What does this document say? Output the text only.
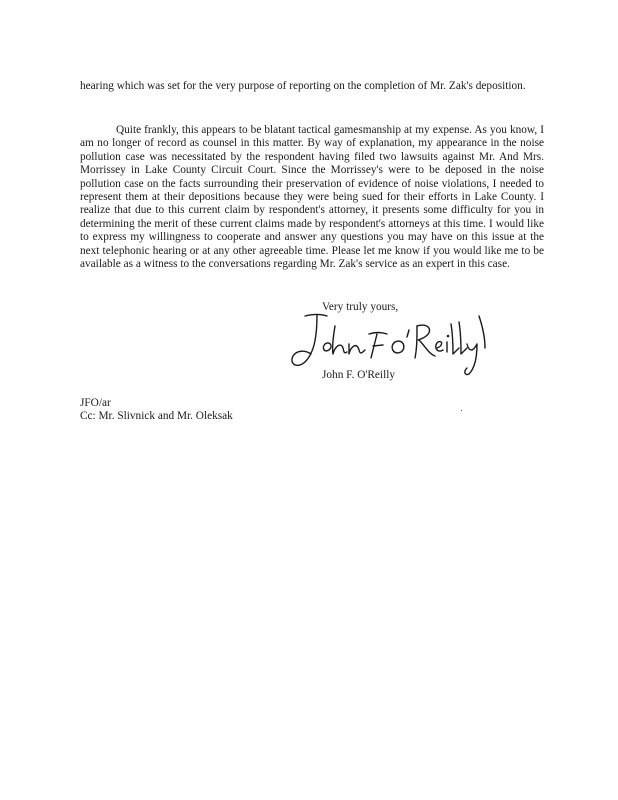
hearing which was set for the very purpose of reporting on the completion of Mr. Zak's deposition.

Quite frankly, this appears to be blatant tactical gamesmanship at my expense. As you know, I am no longer of record as counsel in this matter. By way of explanation, my appearance in the noise pollution case was necessitated by the respondent having filed two lawsuits against Mr. And Mrs. Morrissey in Lake County Circuit Court. Since the Morrissey's were to be deposed in the noise pollution case on the facts surrounding their preservation of evidence of noise violations, I needed to represent them at their depositions because they were being sued for their efforts in Lake County. I realize that due to this current claim by respondent's attorney, it presents some difficulty for you in determining the merit of these current claims made by respondent's attorneys at this time. I would like to express my willingness to cooperate and answer any questions you may have on this issue at the next telephonic hearing or at any other agreeable time. Please let me know if you would like me to be available as a witness to the conversations regarding Mr. Zak's service as an expert in this case.

Very truly yours,

John F. O'Reilly

JFO/ar

Cc: Mr. Slivnick and Mr. Oleksak
